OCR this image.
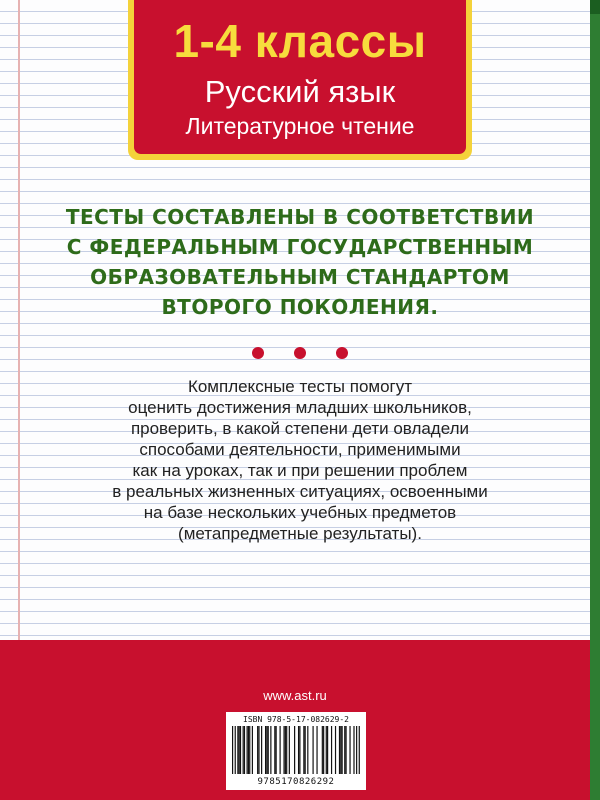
1-4 классы
Русский язык
Литературное чтение
ТЕСТЫ СОСТАВЛЕНЫ В СООТВЕТСТВИИ
С ФЕДЕРАЛЬНЫМ ГОСУДАРСТВЕННЫМ
ОБРАЗОВАТЕЛЬНЫМ СТАНДАРТОМ
ВТОРОГО ПОКОЛЕНИЯ.
Комплексные тесты помогут
оценить достижения младших школьников,
проверить, в какой степени дети овладели
способами деятельности, применимыми
как на уроках, так и при решении проблем
в реальных жизненных ситуациях, освоенными
на базе нескольких учебных предметов
(метапредметные результаты).
www.ast.ru
ISBN 978-5-17-082629-2
9785170826292
